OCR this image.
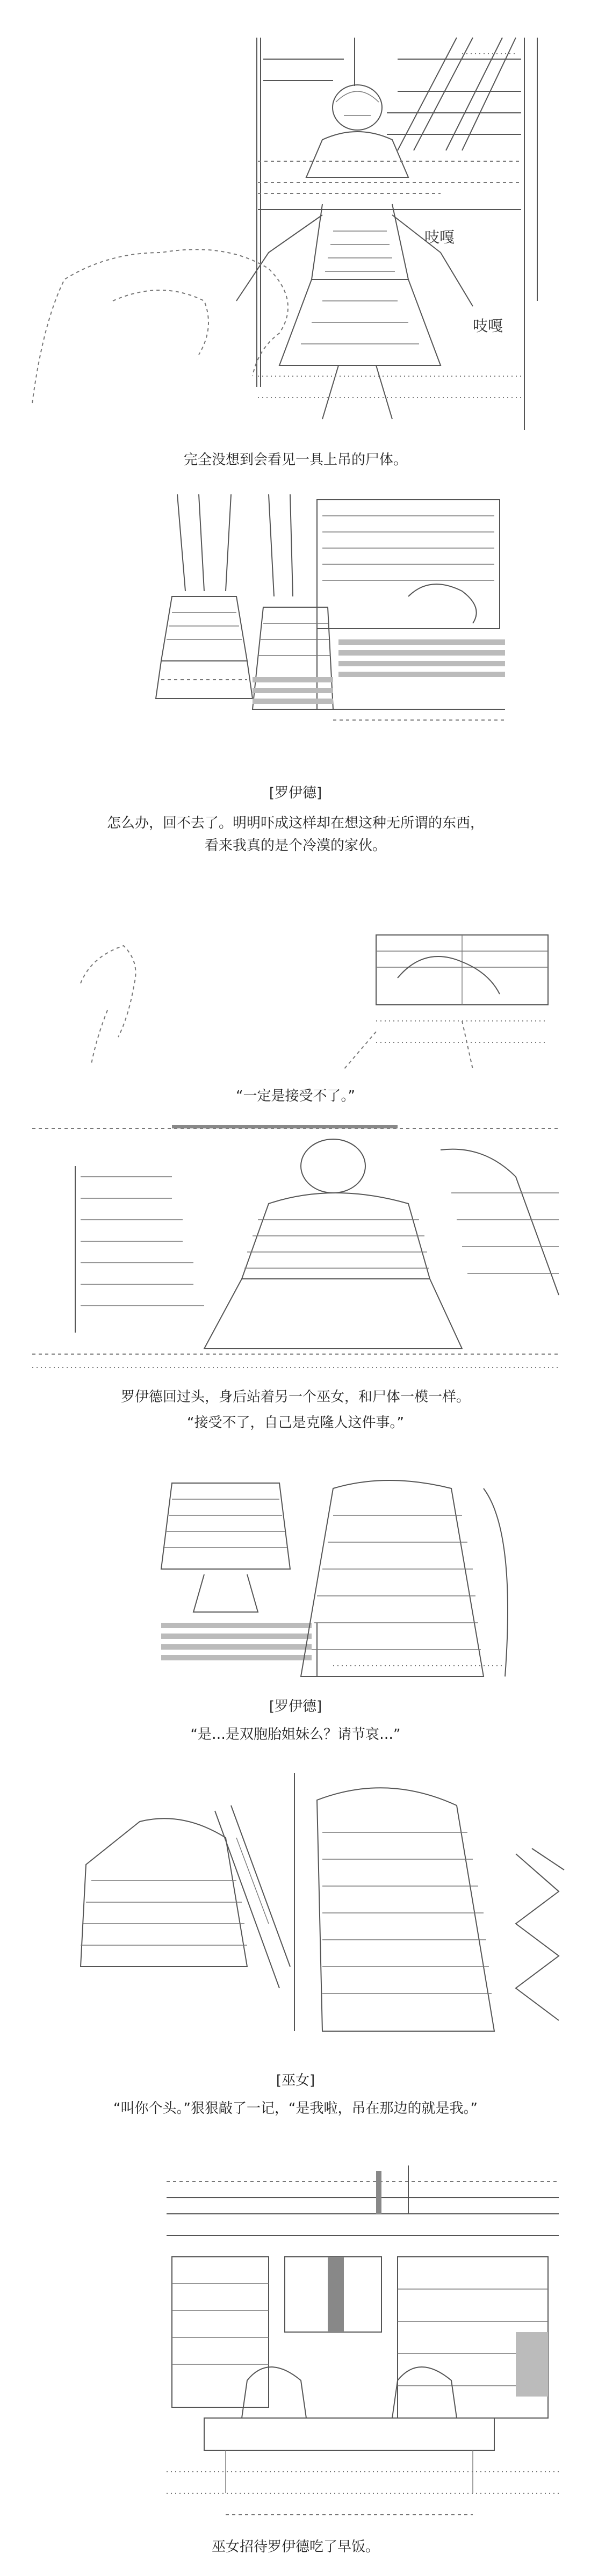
吱嘎
吱嘎
完全没想到会看见一具上吊的尸体。
[罗伊德]
怎么办，回不去了。明明吓成这样却在想这种无所谓的东西，
看来我真的是个冷漠的家伙。
“一定是接受不了。”
罗伊德回过头，身后站着另一个巫女，和尸体一模一样。
“接受不了，自己是克隆人这件事。”
[罗伊德]
“是…是双胞胎姐妹么？请节哀…”
[巫女]
“叫你个头。”狠狠敲了一记，“是我啦，吊在那边的就是我。”
巫女招待罗伊德吃了早饭。
